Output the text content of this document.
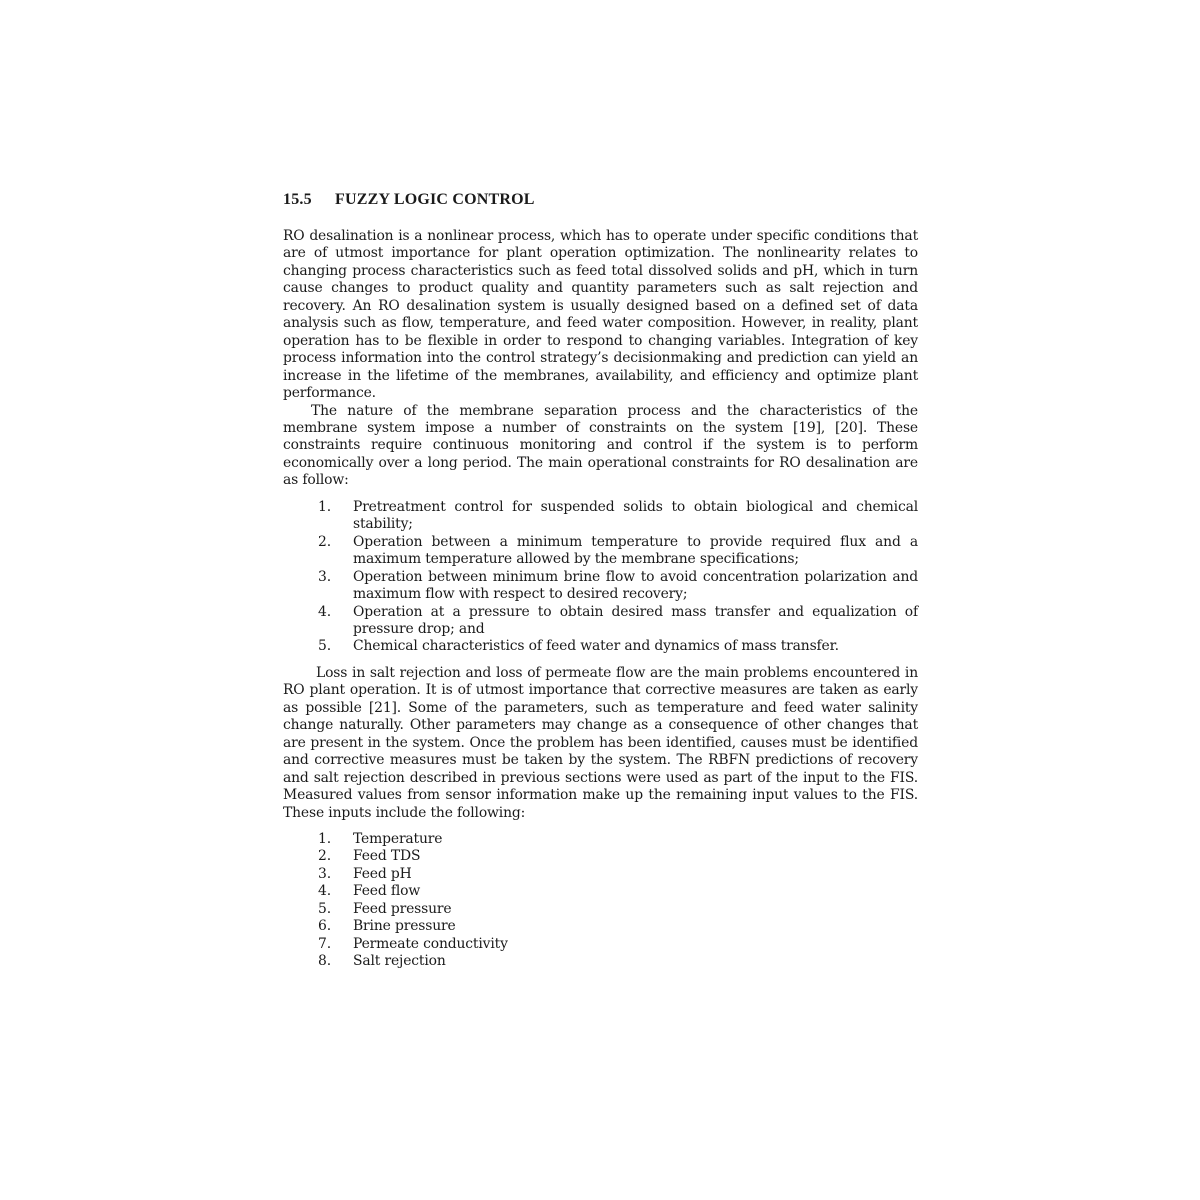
15.5 FUZZY LOGIC CONTROL

RO desalination is a nonlinear process, which has to operate under specific conditions that are of utmost importance for plant operation optimization. The nonlinearity relates to changing process characteristics such as feed total dissolved solids and pH, which in turn cause changes to product quality and quantity parameters such as salt rejection and recovery. An RO desalination system is usually designed based on a defined set of data analysis such as flow, temperature, and feed water composition. However, in reality, plant operation has to be flexible in order to respond to changing variables. Integration of key process information into the control strategy’s decisionmaking and prediction can yield an increase in the lifetime of the membranes, availability, and efficiency and optimize plant performance.

The nature of the membrane separation process and the characteristics of the membrane system impose a number of constraints on the system [19], [20]. These constraints require continuous monitoring and control if the system is to perform economically over a long period. The main operational constraints for RO desalination are as follow:

1. Pretreatment control for suspended solids to obtain biological and chemical stability;
2. Operation between a minimum temperature to provide required flux and a maximum temperature allowed by the membrane specifications;
3. Operation between minimum brine flow to avoid concentration polarization and maximum flow with respect to desired recovery;
4. Operation at a pressure to obtain desired mass transfer and equalization of pressure drop; and
5. Chemical characteristics of feed water and dynamics of mass transfer.

Loss in salt rejection and loss of permeate flow are the main problems encountered in RO plant operation. It is of utmost importance that corrective measures are taken as early as possible [21]. Some of the parameters, such as temperature and feed water salinity change naturally. Other parameters may change as a consequence of other changes that are present in the system. Once the problem has been identified, causes must be identified and corrective measures must be taken by the system. The RBFN predictions of recovery and salt rejection described in previous sections were used as part of the input to the FIS. Measured values from sensor information make up the remaining input values to the FIS. These inputs include the following:

1. Temperature
2. Feed TDS
3. Feed pH
4. Feed flow
5. Feed pressure
6. Brine pressure
7. Permeate conductivity
8. Salt rejection
